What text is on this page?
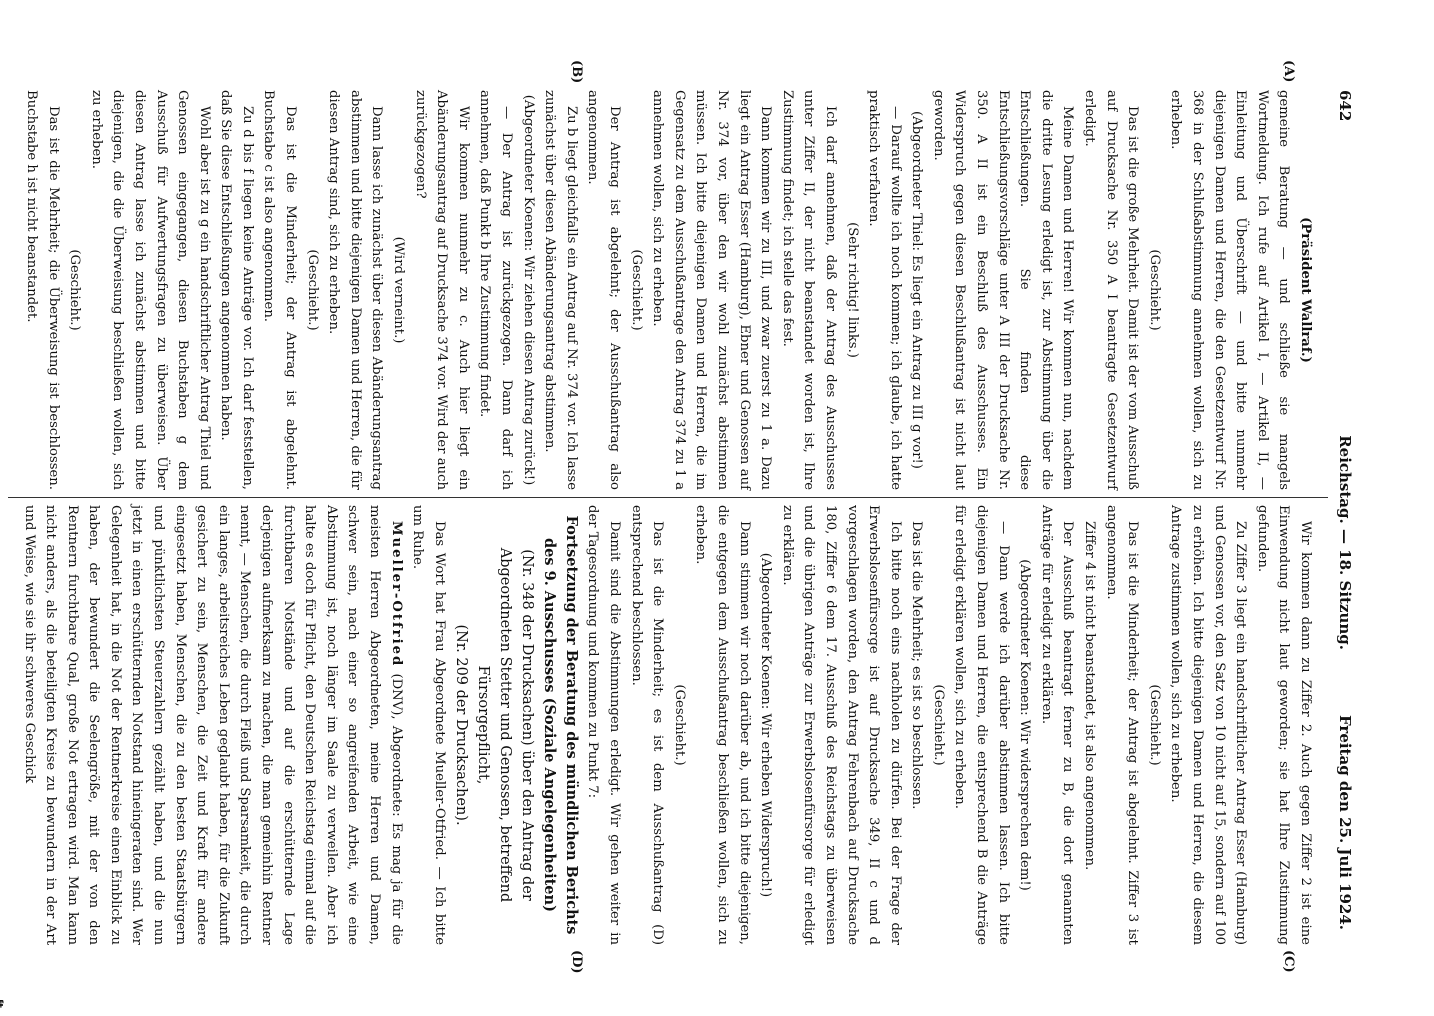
642
Reichstag. — 18. Sitzung.
Freitag den 25. Juli 1924.
(A)
(B)
(C)
(D)

(Präsident Wallraf.)

gemeine Beratung — und schließe sie mangels Wortmeldung. Ich rufe auf Artikel I, — Artikel II, — Einleitung und Überschrift — und bitte nunmehr diejenigen Damen und Herren, die den Gesetzentwurf Nr. 368 in der Schlußabstimmung annehmen wollen, sich zu erheben.

(Geschieht.)

Das ist die große Mehrheit. Damit ist der vom Ausschuß auf Drucksache Nr. 350 A I beantragte Gesetzentwurf erledigt.

Meine Damen und Herren! Wir kommen nun, nachdem die dritte Lesung erledigt ist, zur Abstimmung über die Entschließungen. Sie finden diese Entschließungsvorschläge unter A III der Drucksache Nr. 350. A II ist ein Beschluß des Ausschusses. Ein Widerspruch gegen diesen Beschlußantrag ist nicht laut geworden.

(Abgeordneter Thiel: Es liegt ein Antrag zu III g vor!)

— Darauf wollte ich noch kommen; ich glaube, ich hatte praktisch verfahren.

(Sehr richtig! links.)

Ich darf annehmen, daß der Antrag des Ausschusses unter Ziffer II, der nicht beanstandet worden ist, Ihre Zustimmung findet; ich stelle das fest.

Dann kommen wir zu III, und zwar zuerst zu 1 a. Dazu liegt ein Antrag Esser (Hamburg), Ebner und Genossen auf Nr. 374 vor, über den wir wohl zunächst abstimmen müssen. Ich bitte diejenigen Damen und Herren, die im Gegensatz zu dem Ausschußantrage den Antrag 374 zu 1 a annehmen wollen, sich zu erheben.

(Geschieht.)

Der Antrag ist abgelehnt; der Ausschußantrag also angenommen.

Zu b liegt gleichfalls ein Antrag auf Nr. 374 vor. Ich lasse zunächst über diesen Abänderungsantrag abstimmen.

(Abgeordneter Koenen: Wir ziehen diesen Antrag zurück!)

— Der Antrag ist zurückgezogen. Dann darf ich annehmen, daß Punkt b Ihre Zustimmung findet.

Wir kommen nunmehr zu c. Auch hier liegt ein Abänderungsantrag auf Drucksache 374 vor. Wird der auch zurückgezogen?

(Wird verneint.)

Dann lasse ich zunächst über diesen Abänderungsantrag abstimmen und bitte diejenigen Damen und Herren, die für diesen Antrag sind, sich zu erheben.

(Geschieht.)

Das ist die Minderheit; der Antrag ist abgelehnt. Buchstabe c ist also angenommen.

Zu d bis f liegen keine Anträge vor. Ich darf feststellen, daß Sie diese Entschließungen angenommen haben.

Wohl aber ist zu g ein handschriftlicher Antrag Thiel und Genossen eingegangen, diesen Buchstaben g dem Ausschuß für Aufwertungsfragen zu überweisen. Über diesen Antrag lasse ich zunächst abstimmen und bitte diejenigen, die die Überweisung beschließen wollen, sich zu erheben.

(Geschieht.)

Das ist die Mehrheit; die Überweisung ist beschlossen. Buchstabe h ist nicht beanstandet.

Wir kommen dann zu Ziffer 2. Auch gegen Ziffer 2 ist eine Einwendung nicht laut geworden; sie hat Ihre Zustimmung gefunden.

Zu Ziffer 3 liegt ein handschriftlicher Antrag Esser (Hamburg) und Genossen vor, den Satz von 10 nicht auf 15, sondern auf 100 zu erhöhen. Ich bitte diejenigen Damen und Herren, die diesem Antrage zustimmen wollen, sich zu erheben.

(Geschieht.)

Das ist die Minderheit; der Antrag ist abgelehnt. Ziffer 3 ist angenommen.

Ziffer 4 ist nicht beanstandet, ist also angenommen.

Der Ausschuß beantragt ferner zu B, die dort genannten Anträge für erledigt zu erklären.

(Abgeordneter Koenen: Wir widersprechen dem!)

— Dann werde ich darüber abstimmen lassen. Ich bitte diejenigen Damen und Herren, die entsprechend B die Anträge für erledigt erklären wollen, sich zu erheben.

(Geschieht.)

Das ist die Mehrheit; es ist so beschlossen.

Ich bitte noch eins nachholen zu dürfen. Bei der Frage der Erwerbslosenfürsorge ist auf Drucksache 349, II c und d vorgeschlagen worden, den Antrag Fehrenbach auf Drucksache 180, Ziffer 6 dem 17. Ausschuß des Reichstags zu überweisen und die übrigen Anträge zur Erwerbslosenfürsorge für erledigt zu erklären.

(Abgeordneter Koenen: Wir erheben Widerspruch!)

Dann stimmen wir noch darüber ab, und ich bitte diejenigen, die entgegen dem Ausschußantrag beschließen wollen, sich zu erheben.

(Geschieht.)

Das ist die Minderheit; es ist dem Ausschußantrag (D) entsprechend beschlossen.

Damit sind die Abstimmungen erledigt. Wir gehen weiter in der Tagesordnung und kommen zu Punkt 7:

Fortsetzung der Beratung des mündlichen Berichts des 9. Ausschusses (Soziale Angelegenheiten)

(Nr. 348 der Drucksachen) über den Antrag der Abgeordneten Stetter und Genossen, betreffend Fürsorgepflicht,

(Nr. 209 der Drucksachen).

Das Wort hat Frau Abgeordnete Mueller-Otfried. — Ich bitte um Ruhe.

Mueller-Otfried (DNV), Abgeordnete: Es mag ja für die meisten Herren Abgeordneten, meine Herren und Damen, schwer sein, nach einer so angreifenden Arbeit, wie eine Abstimmung ist, noch länger im Saale zu verweilen. Aber ich halte es doch für Pflicht, den Deutschen Reichstag einmal auf die furchtbaren Notstände und auf die erschütternde Lage derjenigen aufmerksam zu machen, die man gemeinhin Rentner nennt, — Menschen, die durch Fleiß und Sparsamkeit, die durch ein langes, arbeitsreiches Leben geglaubt haben, für die Zukunft gesichert zu sein, Menschen, die Zeit und Kraft für andere eingesetzt haben, Menschen, die zu den besten Staatsbürgern und pünktlichsten Steuerzahlern gezählt haben, und die nun jetzt in einen erschütternden Notstand hineingeraten sind. Wer Gelegenheit hat, in die Not der Rentnerkreise einen Einblick zu haben, der bewundert die Seelengröße, mit der von den Rentnern furchtbare Qual, große Not ertragen wird. Man kann nicht anders, als die beteiligten Kreise zu bewundern in der Art und Weise, wie sie ihr schweres Geschick
